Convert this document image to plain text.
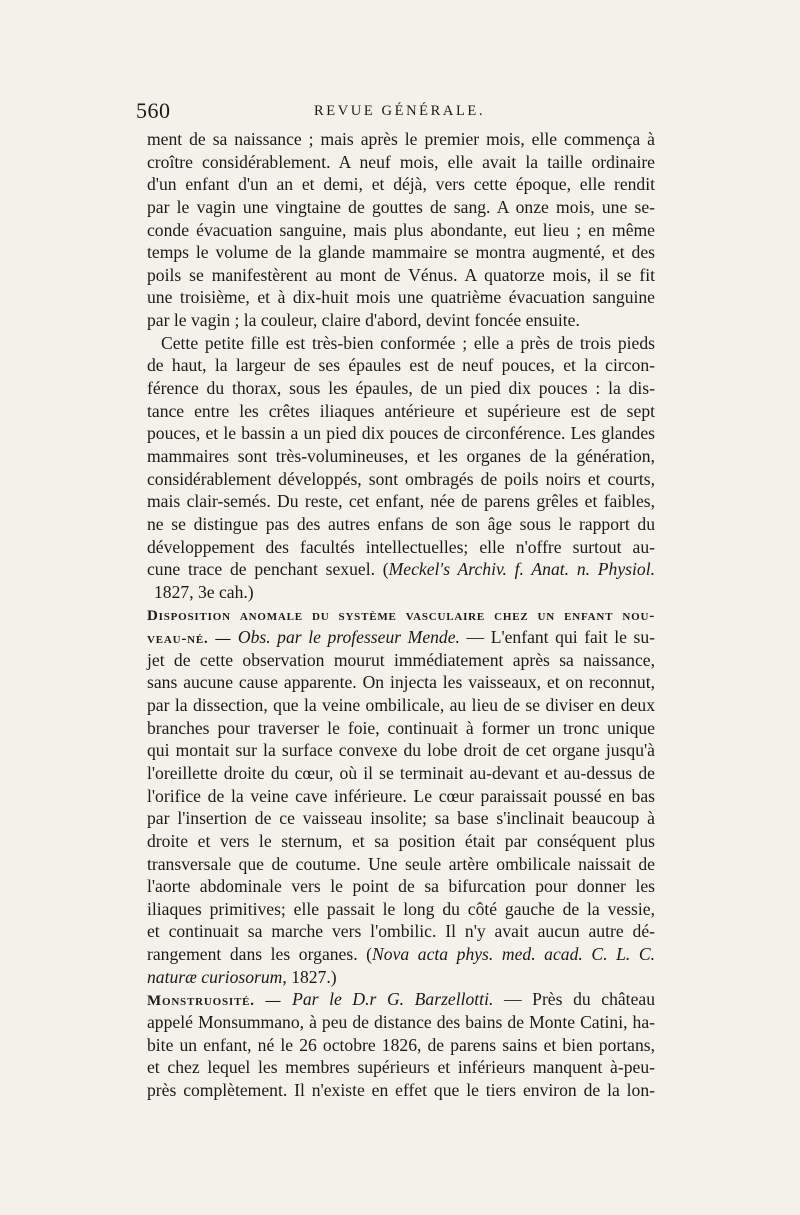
560	REVUE GÉNÉRALE.
ment de sa naissance ; mais après le premier mois, elle commença à
croître considérablement. A neuf mois, elle avait la taille ordinaire
d'un enfant d'un an et demi, et déjà, vers cette époque, elle rendit
par le vagin une vingtaine de gouttes de sang. A onze mois, une se-
conde évacuation sanguine, mais plus abondante, eut lieu ; en même
temps le volume de la glande mammaire se montra augmenté, et des
poils se manifestèrent au mont de Vénus. A quatorze mois, il se fit
une troisième, et à dix-huit mois une quatrième évacuation sanguine
par le vagin ; la couleur, claire d'abord, devint foncée ensuite.
Cette petite fille est très-bien conformée ; elle a près de trois pieds
de haut, la largeur de ses épaules est de neuf pouces, et la circon-
férence du thorax, sous les épaules, de un pied dix pouces : la dis-
tance entre les crêtes iliaques antérieure et supérieure est de sept
pouces, et le bassin a un pied dix pouces de circonférence. Les glandes
mammaires sont très-volumineuses, et les organes de la génération,
considérablement développés, sont ombragés de poils noirs et courts,
mais clair-semés. Du reste, cet enfant, née de parens grêles et faibles,
ne se distingue pas des autres enfans de son âge sous le rapport du
développement des facultés intellectuelles; elle n'offre surtout au-
cune trace de penchant sexuel. (Meckel's Archiv. f. Anat. n. Physiol.
1827, 3e cah.)
Disposition anomale du système vasculaire chez un enfant nou-
veau-né. — Obs. par le professeur Mende. — L'enfant qui fait le su-
jet de cette observation mourut immédiatement après sa naissance,
sans aucune cause apparente. On injecta les vaisseaux, et on reconnut,
par la dissection, que la veine ombilicale, au lieu de se diviser en deux
branches pour traverser le foie, continuait à former un tronc unique
qui montait sur la surface convexe du lobe droit de cet organe jusqu'à
l'oreillette droite du cœur, où il se terminait au-devant et au-dessus de
l'orifice de la veine cave inférieure. Le cœur paraissait poussé en bas
par l'insertion de ce vaisseau insolite; sa base s'inclinait beaucoup à
droite et vers le sternum, et sa position était par conséquent plus
transversale que de coutume. Une seule artère ombilicale naissait de
l'aorte abdominale vers le point de sa bifurcation pour donner les
iliaques primitives; elle passait le long du côté gauche de la vessie,
et continuait sa marche vers l'ombilic. Il n'y avait aucun autre dé-
rangement dans les organes. (Nova acta phys. med. acad. C. L. C.
naturæ curiosorum, 1827.)
Monstruosité. — Par le D.r G. Barzellotti. — Près du château
appelé Monsummano, à peu de distance des bains de Monte Catini, ha-
bite un enfant, né le 26 octobre 1826, de parens sains et bien portans,
et chez lequel les membres supérieurs et inférieurs manquent à-peu-
près complètement. Il n'existe en effet que le tiers environ de la lon-
